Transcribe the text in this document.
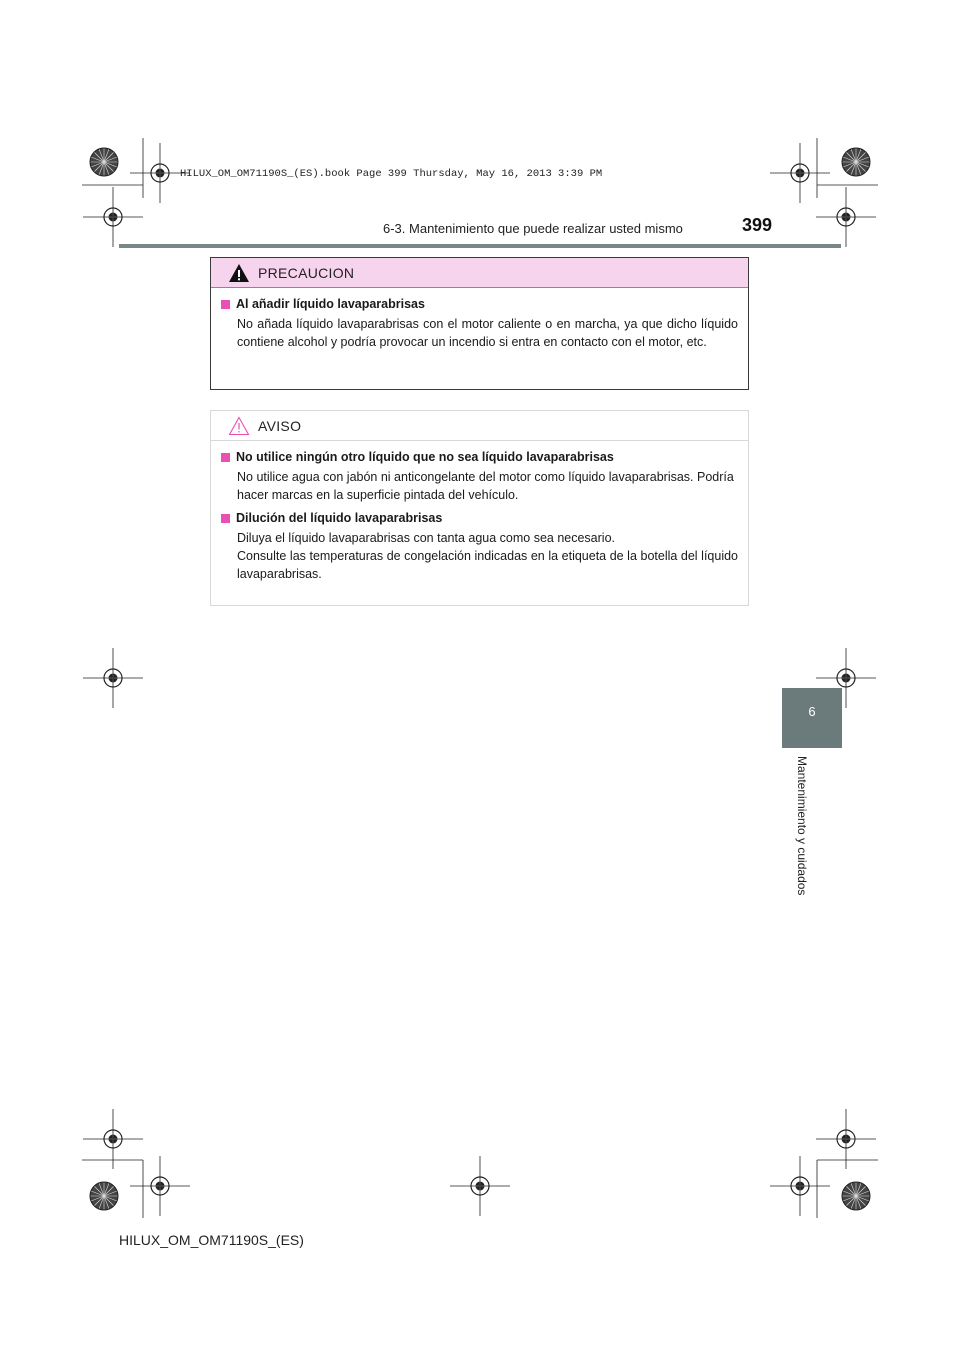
HILUX_OM_OM71190S_(ES).book Page 399 Thursday, May 16, 2013 3:39 PM
6-3. Mantenimiento que puede realizar usted mismo	399
6
Mantenimiento y cuidados
PRECAUCION
Al añadir líquido lavaparabrisas
No añada líquido lavaparabrisas con el motor caliente o en marcha, ya que dicho líquido contiene alcohol y podría provocar un incendio si entra en contacto con el motor, etc.
AVISO
No utilice ningún otro líquido que no sea líquido lavaparabrisas
No utilice agua con jabón ni anticongelante del motor como líquido lavaparabrisas. Podría hacer marcas en la superficie pintada del vehículo.
Dilución del líquido lavaparabrisas
Diluya el líquido lavaparabrisas con tanta agua como sea necesario.
Consulte las temperaturas de congelación indicadas en la etiqueta de la botella del líquido lavaparabrisas.
HILUX_OM_OM71190S_(ES)
